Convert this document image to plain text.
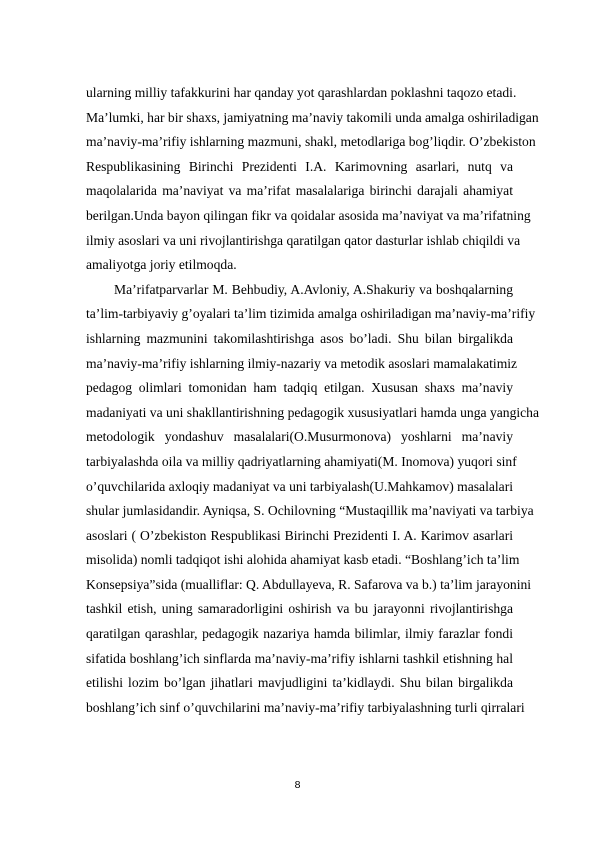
ularning milliy tafakkurini har qanday yot qarashlardan poklashni taqozo etadi.
Ma’lumki, har bir shaxs, jamiyatning ma’naviy takomili unda amalga oshiriladigan
ma’naviy-ma’rifiy ishlarning mazmuni, shakl, metodlariga bog’liqdir. O’zbekiston
Respublikasining Birinchi Prezidenti I.A. Karimovning asarlari, nutq va
maqolalarida ma’naviyat va ma’rifat masalalariga birinchi darajali ahamiyat
berilgan.Unda bayon qilingan fikr va qoidalar asosida ma’naviyat va ma’rifatning
ilmiy asoslari va uni rivojlantirishga qaratilgan qator dasturlar ishlab chiqildi va
amaliyotga joriy etilmoqda.
Ma’rifatparvarlar M. Behbudiy, A.Avloniy, A.Shakuriy va boshqalarning
ta’lim-tarbiyaviy g’oyalari ta’lim tizimida amalga oshiriladigan ma’naviy-ma’rifiy
ishlarning mazmunini takomilashtirishga asos bo’ladi. Shu bilan birgalikda
ma’naviy-ma’rifiy ishlarning ilmiy-nazariy va metodik asoslari mamalakatimiz
pedagog olimlari tomonidan ham tadqiq etilgan. Xususan shaxs ma’naviy
madaniyati va uni shakllantirishning pedagogik xususiyatlari hamda unga yangicha
metodologik yondashuv masalalari(O.Musurmonova) yoshlarni ma’naviy
tarbiyalashda oila va milliy qadriyatlarning ahamiyati(M. Inomova) yuqori sinf
o’quvchilarida axloqiy madaniyat va uni tarbiyalash(U.Mahkamov) masalalari
shular jumlasidandir. Ayniqsa, S. Ochilovning “Mustaqillik ma’naviyati va tarbiya
asoslari ( O’zbekiston Respublikasi Birinchi Prezidenti I. A. Karimov asarlari
misolida) nomli tadqiqot ishi alohida ahamiyat kasb etadi. “Boshlang’ich ta’lim
Konsepsiya”sida (mualliflar: Q. Abdullayeva, R. Safarova va b.) ta’lim jarayonini
tashkil etish, uning samaradorligini oshirish va bu jarayonni rivojlantirishga
qaratilgan qarashlar, pedagogik nazariya hamda bilimlar, ilmiy farazlar fondi
sifatida boshlang’ich sinflarda ma’naviy-ma’rifiy ishlarni tashkil etishning hal
etilishi lozim bo’lgan jihatlari mavjudligini ta’kidlaydi. Shu bilan birgalikda
boshlang’ich sinf o’quvchilarini ma’naviy-ma’rifiy tarbiyalashning turli qirralari
8
